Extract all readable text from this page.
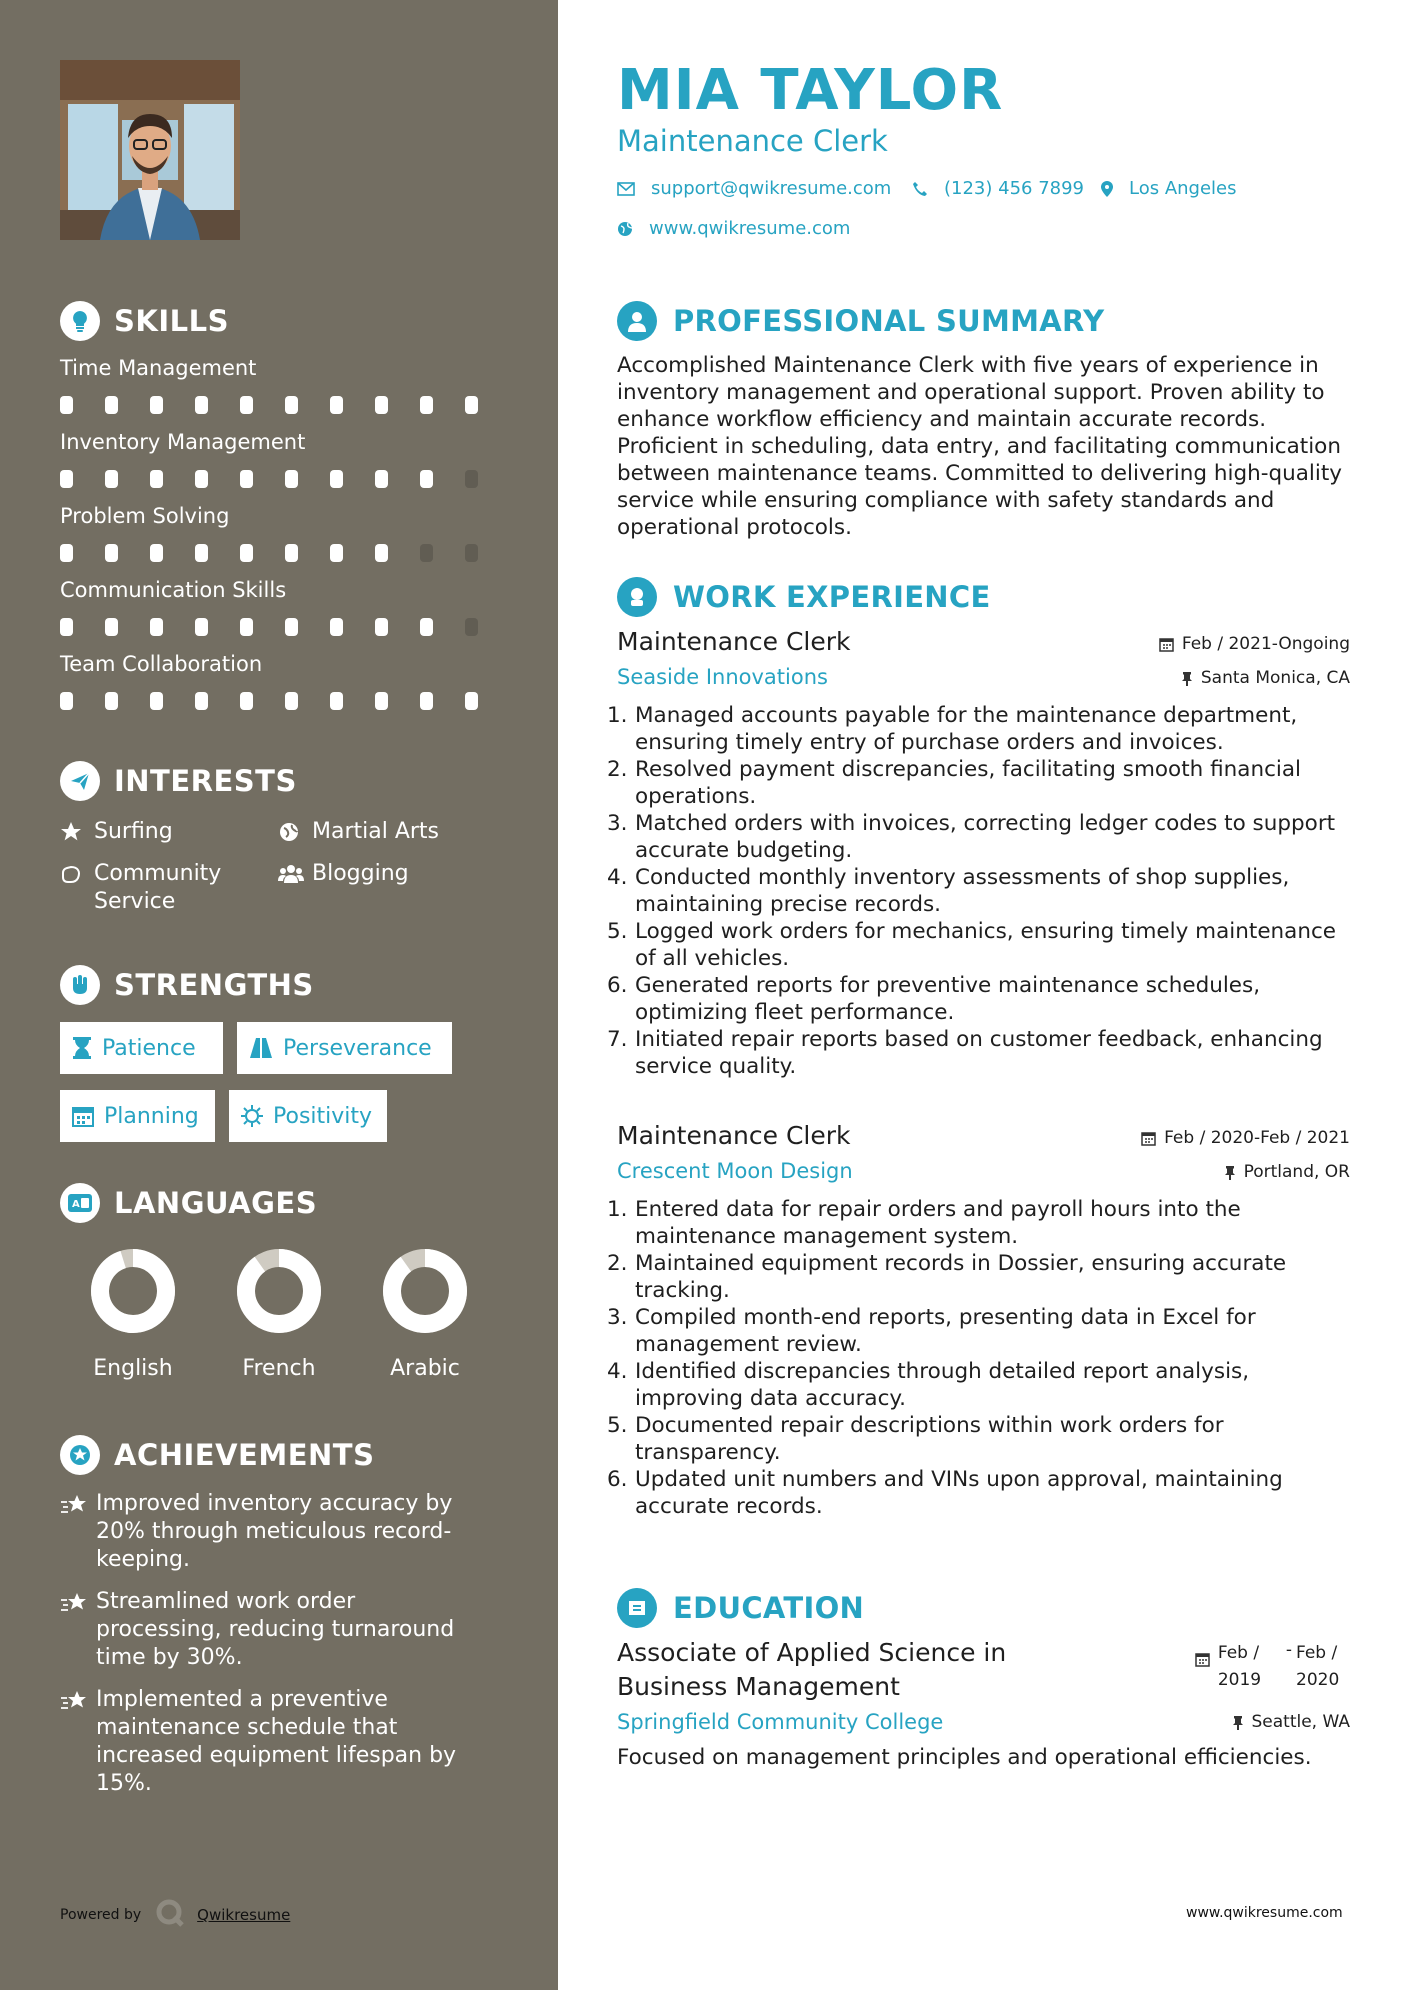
SKILLS
Time Management
Inventory Management
Problem Solving
Communication Skills
Team Collaboration
INTERESTS
Surfing	Martial Arts
Community Service
Blogging
STRENGTHS
Patience	Perseverance
Planning	Positivity
A LANGUAGES
English	French	Arabic
ACHIEVEMENTS
Improved inventory accuracy by 20% through meticulous record-keeping.
Streamlined work order processing, reducing turnaround time by 30%.
Implemented a preventive maintenance schedule that increased equipment lifespan by 15%.
Powered by	Qwikresume
MIA TAYLOR
Maintenance Clerk
support@qwikresume.com	(123) 456 7899 Los Angeles
www.qwikresume.com
PROFESSIONAL SUMMARY
Accomplished Maintenance Clerk with five years of experience in inventory management and operational support. Proven ability to enhance workflow efficiency and maintain accurate records. Proficient in scheduling, data entry, and facilitating communication between maintenance teams. Committed to delivering high-quality service while ensuring compliance with safety standards and operational protocols.
WORK EXPERIENCE
Maintenance Clerk
Seaside Innovations
Feb / 2021-Ongoing
Santa Monica, CA
1. Managed accounts payable for the maintenance department, ensuring timely entry of purchase orders and invoices.
2. Resolved payment discrepancies, facilitating smooth financial operations.
3. Matched orders with invoices, correcting ledger codes to support accurate budgeting.
4. Conducted monthly inventory assessments of shop supplies, maintaining precise records.
5. Logged work orders for mechanics, ensuring timely maintenance of all vehicles.
6. Generated reports for preventive maintenance schedules, optimizing fleet performance.
7. Initiated repair reports based on customer feedback, enhancing service quality.
Maintenance Clerk
Crescent Moon Design
Feb / 2020-Feb / 2021
Portland, OR
1. Entered data for repair orders and payroll hours into the maintenance management system.
2. Maintained equipment records in Dossier, ensuring accurate tracking.
3. Compiled month-end reports, presenting data in Excel for management review.
4. Identified discrepancies through detailed report analysis, improving data accuracy.
5. Documented repair descriptions within work orders for transparency.
6. Updated unit numbers and VINs upon approval, maintaining accurate records.
EDUCATION
Associate of Applied Science in Business Management
Springfield Community College
Focused on management principles and operational efficiencies.
Feb / 2019
- Feb / 2020
Seattle, WA
www.qwikresume.com
